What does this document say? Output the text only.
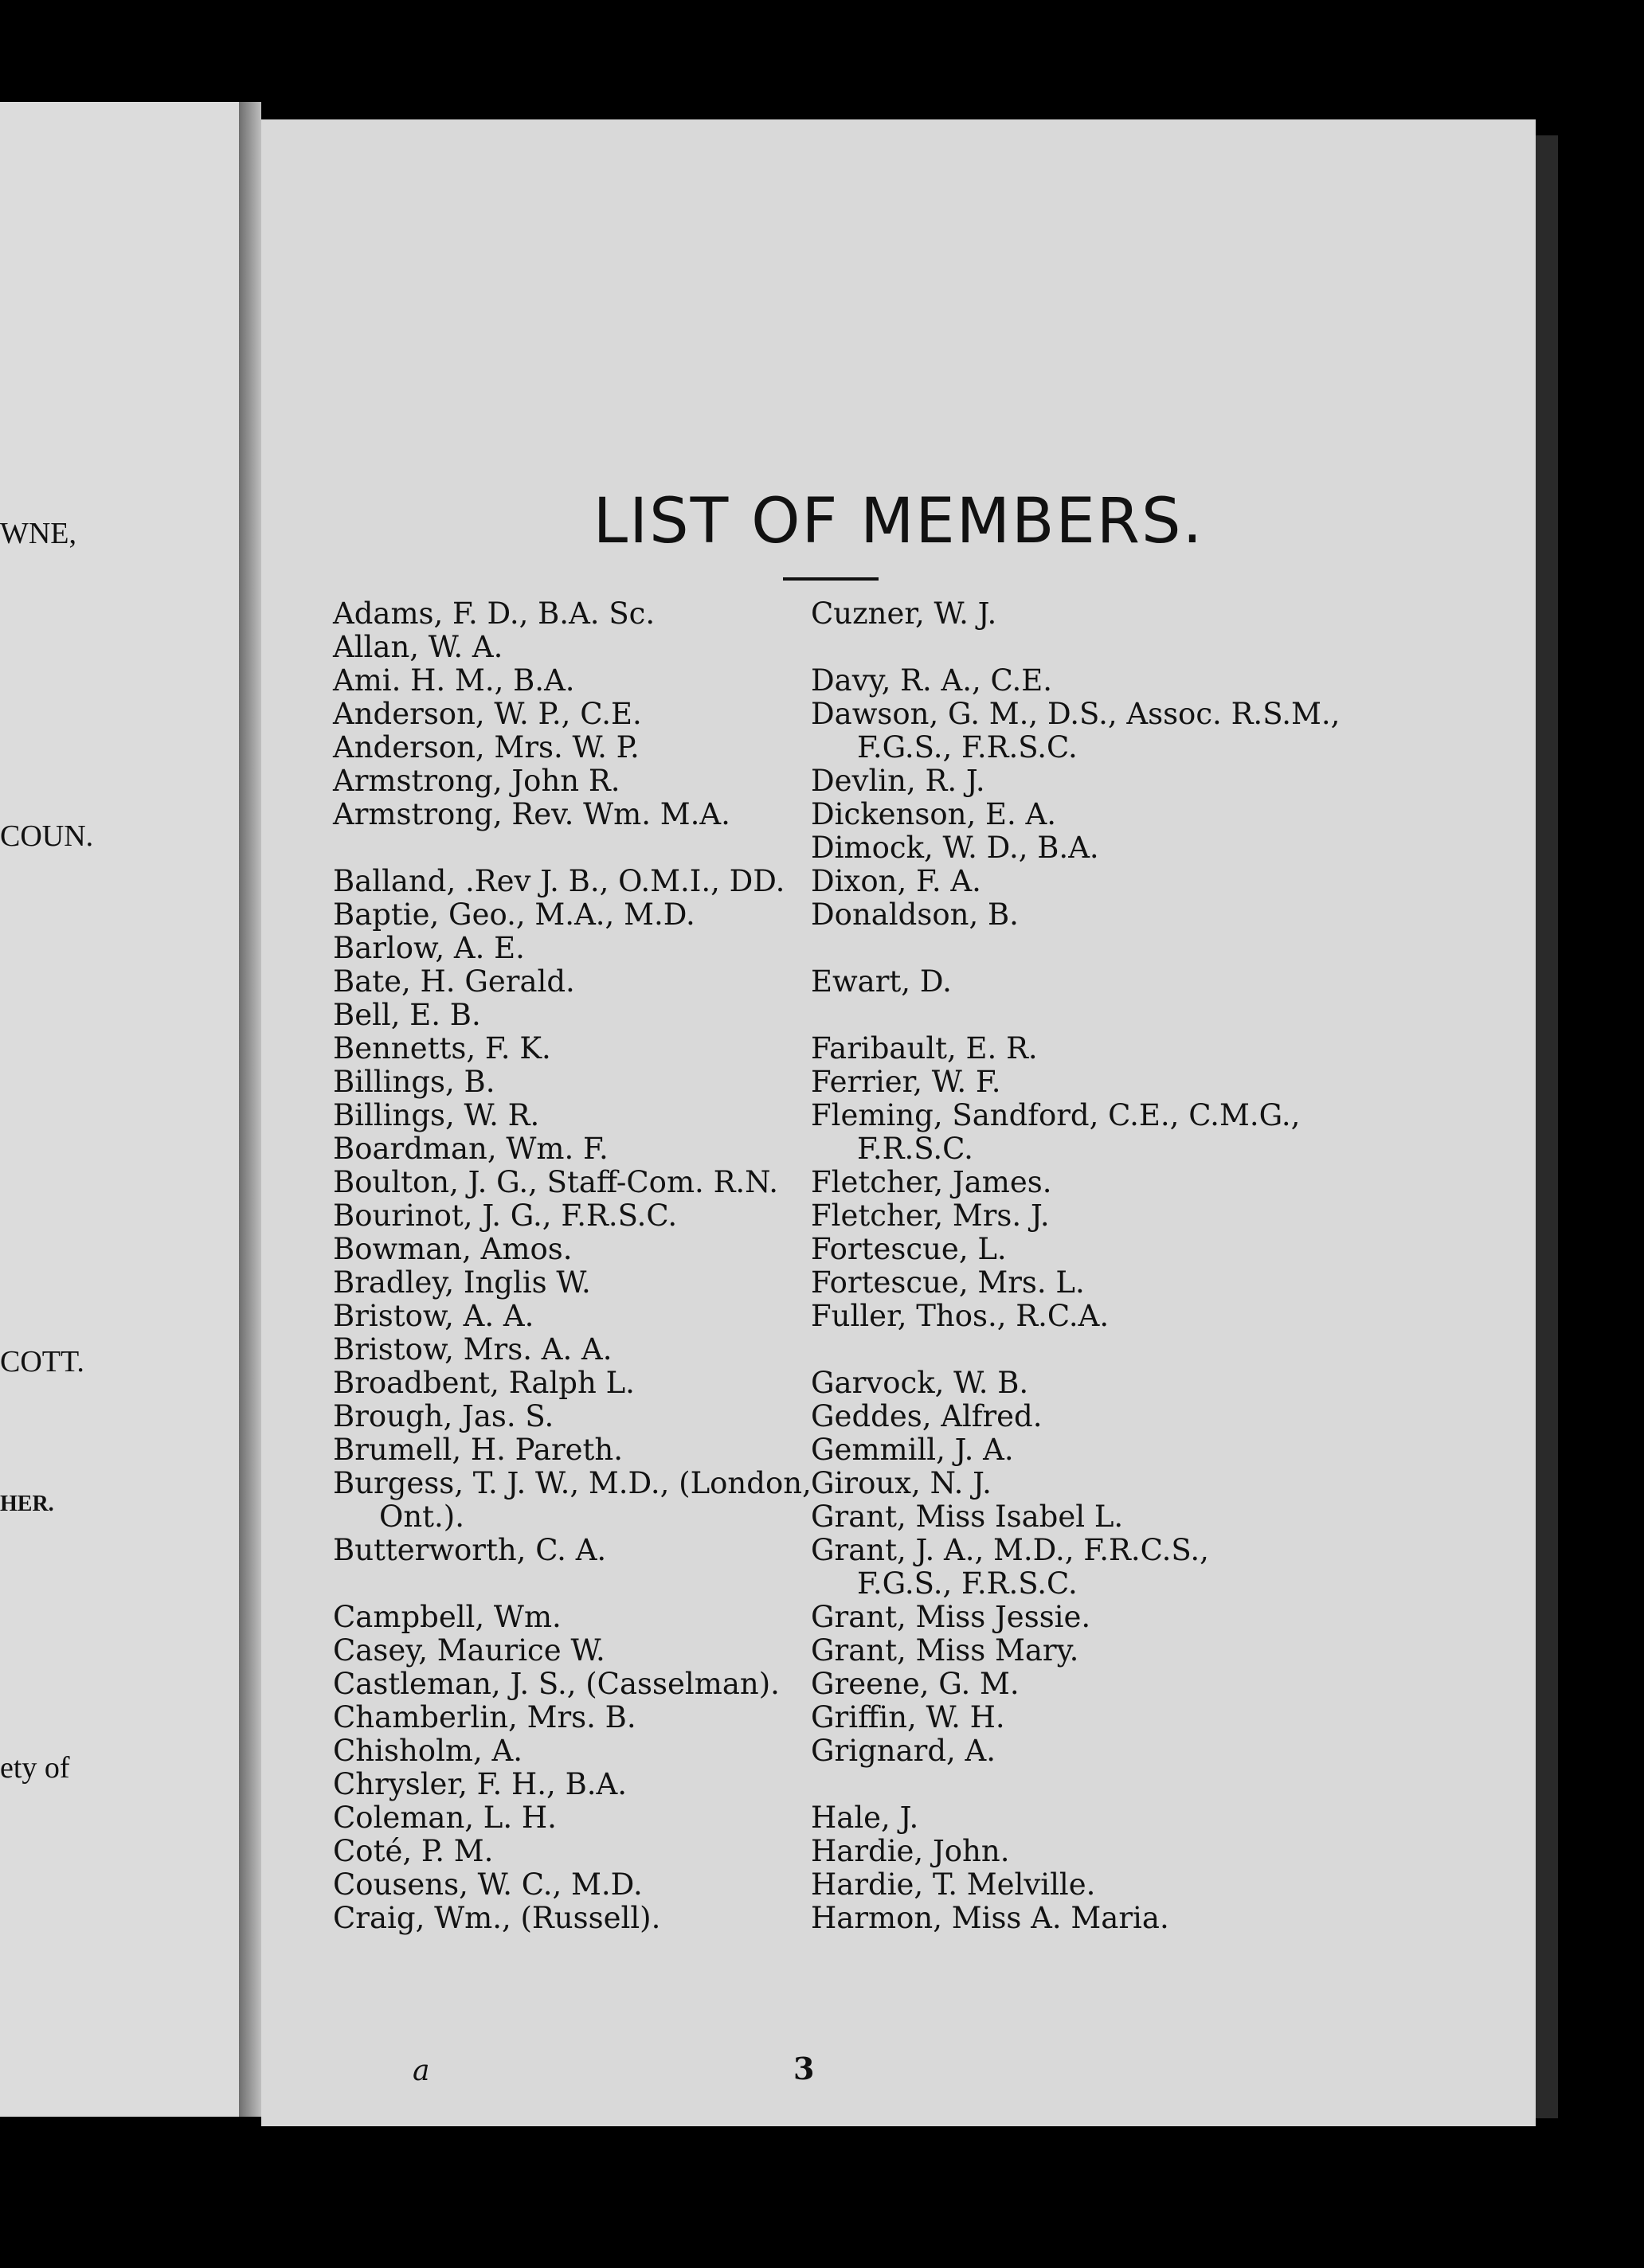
WNE,
COUN.
COTT.
HER.
ety of
LIST OF MEMBERS.
Adams, F. D., B.A. Sc.
Allan, W. A.
Ami. H. M., B.A.
Anderson, W. P., C.E.
Anderson, Mrs. W. P.
Armstrong, John R.
Armstrong, Rev. Wm. M.A.
Balland, .Rev J. B., O.M.I., DD.
Baptie, Geo., M.A., M.D.
Barlow, A. E.
Bate, H. Gerald.
Bell, E. B.
Bennetts, F. K.
Billings, B.
Billings, W. R.
Boardman, Wm. F.
Boulton, J. G., Staff-Com. R.N.
Bourinot, J. G., F.R.S.C.
Bowman, Amos.
Bradley, Inglis W.
Bristow, A. A.
Bristow, Mrs. A. A.
Broadbent, Ralph L.
Brough, Jas. S.
Brumell, H. Pareth.
Burgess, T. J. W., M.D., (London,
Ont.).
Butterworth, C. A.
Campbell, Wm.
Casey, Maurice W.
Castleman, J. S., (Casselman).
Chamberlin, Mrs. B.
Chisholm, A.
Chrysler, F. H., B.A.
Coleman, L. H.
Coté, P. M.
Cousens, W. C., M.D.
Craig, Wm., (Russell).
Cuzner, W. J.
Davy, R. A., C.E.
Dawson, G. M., D.S., Assoc. R.S.M.,
F.G.S., F.R.S.C.
Devlin, R. J.
Dickenson, E. A.
Dimock, W. D., B.A.
Dixon, F. A.
Donaldson, B.
Ewart, D.
Faribault, E. R.
Ferrier, W. F.
Fleming, Sandford, C.E., C.M.G.,
F.R.S.C.
Fletcher, James.
Fletcher, Mrs. J.
Fortescue, L.
Fortescue, Mrs. L.
Fuller, Thos., R.C.A.
Garvock, W. B.
Geddes, Alfred.
Gemmill, J. A.
Giroux, N. J.
Grant, Miss Isabel L.
Grant, J. A., M.D., F.R.C.S.,
F.G.S., F.R.S.C.
Grant, Miss Jessie.
Grant, Miss Mary.
Greene, G. M.
Griffin, W. H.
Grignard, A.
Hale, J.
Hardie, John.
Hardie, T. Melville.
Harmon, Miss A. Maria.
a	3
